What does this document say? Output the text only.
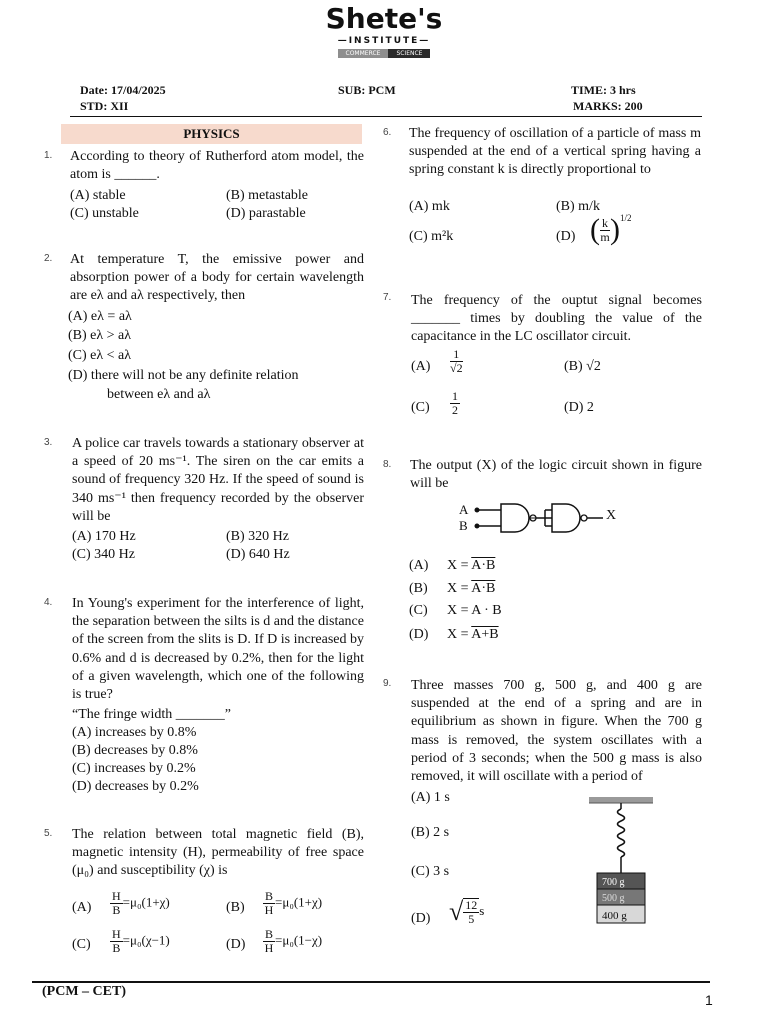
Shete's
—INSTITUTE—
COMMERCE	SCIENCE
Date: 17/04/2025	SUB: PCM	TIME: 3 hrs
STD: XII	MARKS: 200
PHYSICS
1. According to theory of Rutherford atom model, the atom is ______.
(A) stable	(B) metastable
(C) unstable	(D) parastable
2. At temperature T, the emissive power and absorption power of a body for certain wavelength are eλ and aλ respectively, then
(A) eλ = aλ
(B) eλ > aλ
(C) eλ < aλ
(D) there will not be any definite relation
between eλ and aλ
3. A police car travels towards a stationary observer at a speed of 20 ms⁻¹. The siren on the car emits a sound of frequency 320 Hz. If the speed of sound is 340 ms⁻¹ then frequency recorded by the observer will be
(A) 170 Hz	(B) 320 Hz
(C) 340 Hz	(D) 640 Hz
4. In Young's experiment for the interference of light, the separation between the silts is d and the distance of the screen from the slits is D. If D is increased by 0.6% and d is decreased by 0.2%, then for the light of a given wavelength, which one of the following is true?
“The fringe width _______”
(A) increases by 0.8%
(B) decreases by 0.8%
(C) increases by 0.2%
(D) decreases by 0.2%
5. The relation between total magnetic field (B), magnetic intensity (H), permeability of free space (μ₀) and susceptibility (χ) is
$(A) \frac{H}{B} =\mu_0(1+\chi)$	$(B) \frac{B}{H} =\mu_0(1+\chi)$
$(C) \frac{H}{B} =\mu_0(\chi-1)$	$(D) \frac{B}{H} =\mu_0(1-\chi)$
6. The frequency of oscillation of a particle of mass m suspended at the end of a vertical spring having a spring constant k is directly proportional to
(A) mk	(B) m/k
(C) m²k	(D) ( $\frac{k}{m} )^{1/2}$
7. The frequency of the ouptut signal becomes _______ times by doubling the value of the capacitance in the LC oscillator circuit.
$(A) \frac{1}{√2}$	(B) √2
$(C) \frac{1}{2}$	(D) 2
8. The output (X) of the logic circuit shown in figure will be
A
B
X
(A) X = A·B
(B) X = A·B
(C) X = A · B
(D) X = A+B
9. Three masses 700 g, 500 g, and 400 g are suspended at the end of a spring and are in equilibrium as shown in figure. When the 700 g mass is removed, the system oscillates with a period of 3 seconds; when the 500 g mass is also removed, it will oscillate with a period of
(A) 1 s
(B) 2 s
(C) 3 s
(D) √ $\frac{12}{5}$ s
700 g
500 g
400 g
(PCM – CET)
1
